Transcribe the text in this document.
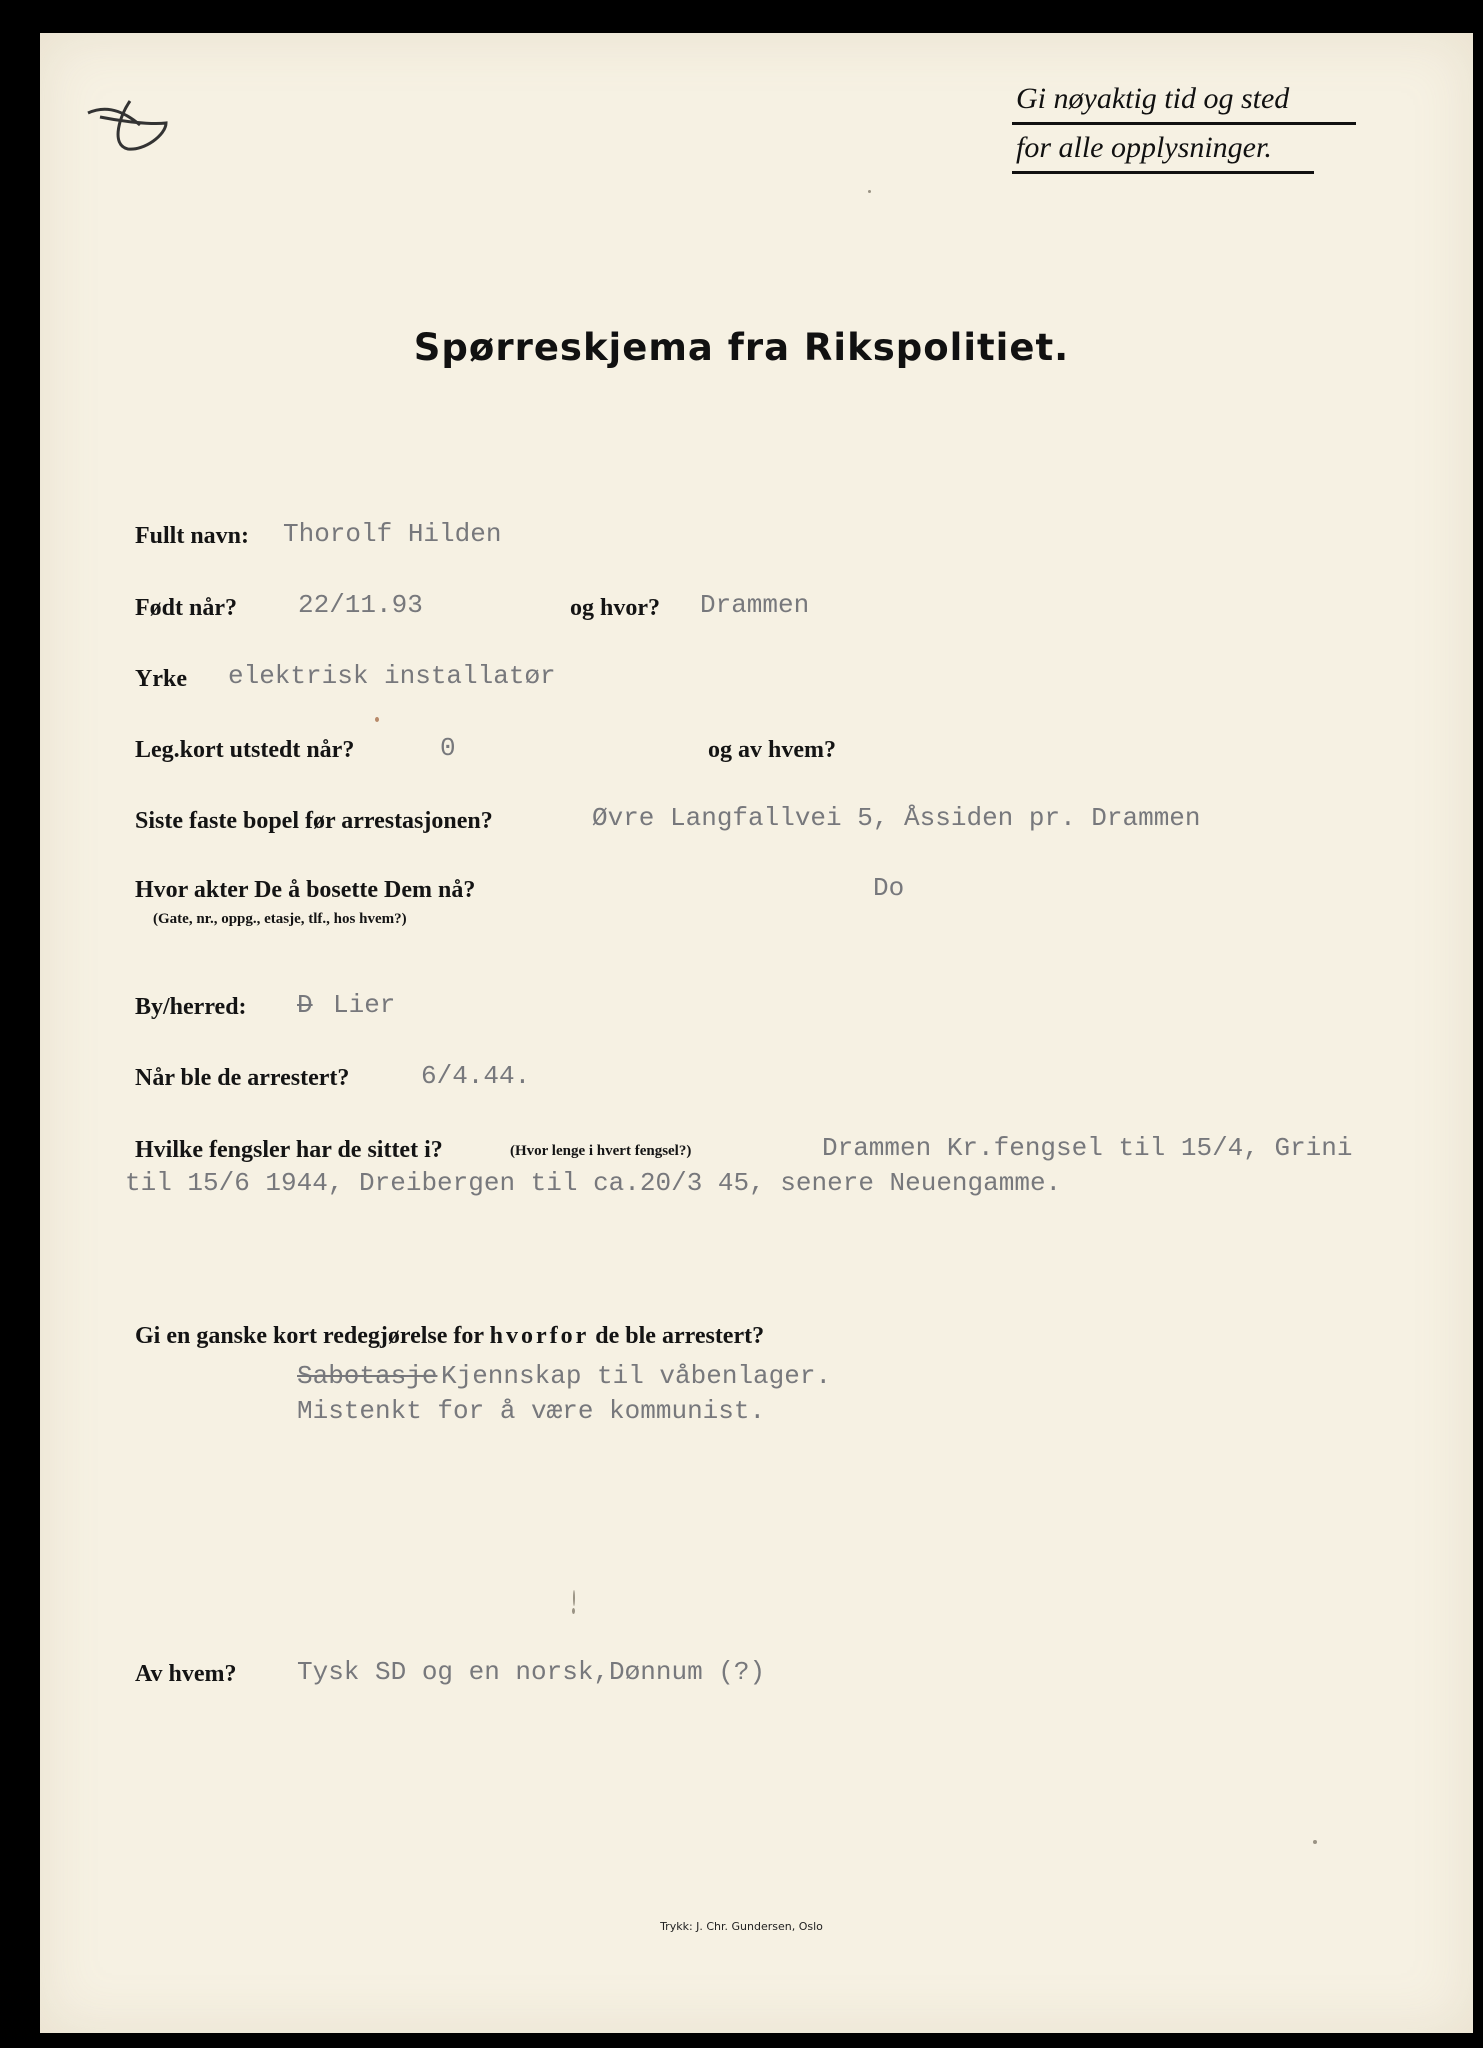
Gi nøyaktig tid og sted
for alle opplysninger.
Spørreskjema fra Rikspolitiet.
Fullt navn: Thorolf Hilden
Født når? 22/11.93	og hvor? Drammen
Yrke elektrisk installatør
Leg.kort utstedt når?	0	og av hvem?
Siste faste bopel før arrestasjonen?	Øvre Langfallvei 5, Åssiden pr. Drammen
Hvor akter De å bosette Dem nå?
(Gate, nr., oppg., etasje, tlf., hos hvem?)
Do
By/herred: D Lier
Når ble de arrestert?	6/4.44.
Hvilke fengsler har de sittet i?	(Hvor lenge i hvert fengsel?)	Drammen Kr.fengsel til 15/4, Grini
til 15/6 1944, Dreibergen til ca.20/3 45, senere Neuengamme.
Gi en ganske kort redegjørelse for hvorfor de ble arrestert?
Sabotasje Kjennskap til våbenlager.
Mistenkt for å være kommunist.
Av hvem? Tysk SD og en norsk,Dønnum (?)
Trykk: J. Chr. Gundersen, Oslo
